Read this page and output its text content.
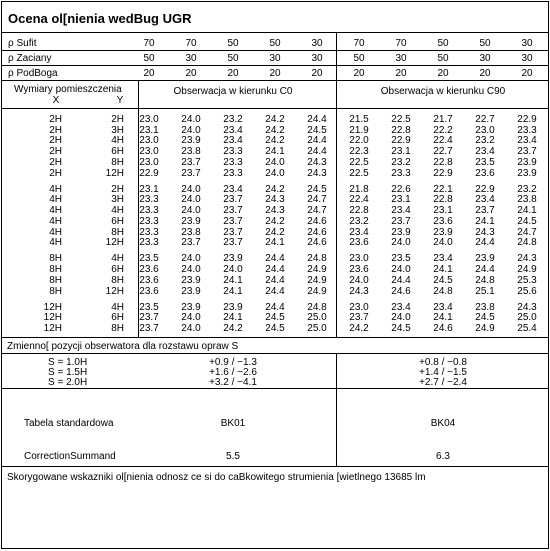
Ocena ol[nienia wedBug UGR
ρ Sufit	70	70	50	50	30	70	70	50	50	30
ρ Zaciany	50	30	50	30	30	50	30	50	30	30
ρ PodBoga	20	20	20	20	20	20	20	20	20	20
Wymiary pomieszczenia
X	Y
Obserwacja w kierunku C0	Obserwacja w kierunku C90
2H	2H	23.0	24.0	23.2	24.2	24.4	21.5	22.5	21.7	22.7	22.9
2H	3H	23.1	24.0	23.4	24.2	24.5	21.9	22.8	22.2	23.0	23.3
2H	4H	23.0	23.9	23.4	24.2	24.4	22.0	22.9	22.4	23.2	23.4
2H	6H	23.0	23.8	23.3	24.1	24.4	22.3	23.1	22.7	23.4	23.7
2H	8H	23.0	23.7	23.3	24.0	24.3	22.5	23.2	22.8	23.5	23.9
2H	12H	22.9	23.7	23.3	24.0	24.3	22.5	23.3	22.9	23.6	23.9
4H	2H	23.1	24.0	23.4	24.2	24.5	21.8	22.6	22.1	22.9	23.2
4H	3H	23.3	24.0	23.7	24.3	24.7	22.4	23.1	22.8	23.4	23.8
4H	4H	23.3	24.0	23.7	24.3	24.7	22.8	23.4	23.1	23.7	24.1
4H	6H	23.3	23.9	23.7	24.2	24.6	23.2	23.7	23.6	24.1	24.5
4H	8H	23.3	23.8	23.7	24.2	24.6	23.4	23.9	23.9	24.3	24.7
4H	12H	23.3	23.7	23.7	24.1	24.6	23.6	24.0	24.0	24.4	24.8
8H	4H	23.5	24.0	23.9	24.4	24.8	23.0	23.5	23.4	23.9	24.3
8H	6H	23.6	24.0	24.0	24.4	24.9	23.6	24.0	24.1	24.4	24.9
8H	8H	23.6	23.9	24.1	24.4	24.9	24.0	24.4	24.5	24.8	25.3
8H	12H	23.6	23.9	24.1	24.4	24.9	24.3	24.6	24.8	25.1	25.6
12H	4H	23.5	23.9	23.9	24.4	24.8	23.0	23.4	23.4	23.8	24.3
12H	6H	23.7	24.0	24.1	24.5	25.0	23.7	24.0	24.1	24.5	25.0
12H	8H	23.7	24.0	24.2	24.5	25.0	24.2	24.5	24.6	24.9	25.4
Zmienno[ pozycji obserwatora dla rozstawu opraw S
S = 1.0H	+0.9 / −1.3	+0.8 / −0.8
S = 1.5H	+1.6 / −2.6	+1.4 / −1.5
S = 2.0H	+3.2 / −4.1	+2.7 / −2.4
Tabela standardowa	BK01	BK04
CorrectionSummand	5.5	6.3
Skorygowane wskazniki ol[nienia odnosz ce si do caBkowitego strumienia [wietlnego 13685 lm
